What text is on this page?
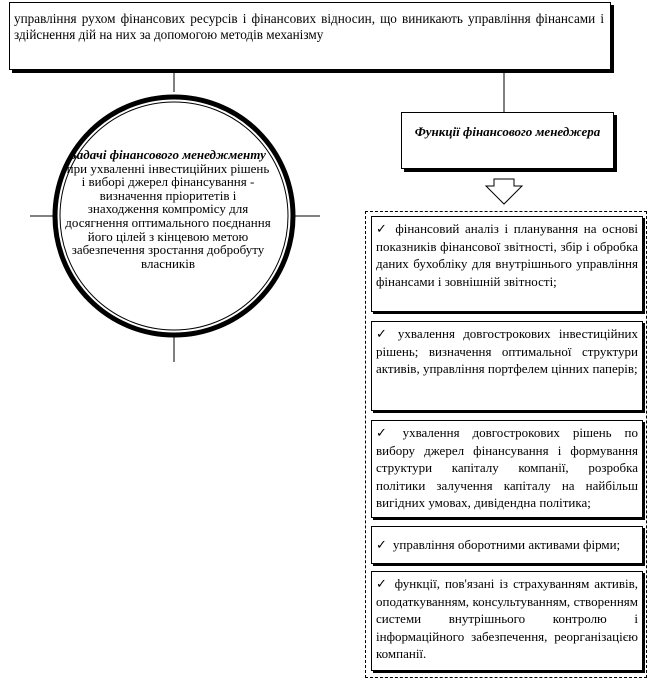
управління рухом фінансових ресурсів і фінансових відносин, що виникають управління фінансами і здійснення дій на них за допомогою методів механізму
Задачі фінансового менеджменту при ухваленні інвестиційних рішень і виборі джерел фінансування - визначення пріоритетів і знаходження компромісу для досягнення оптимального поєднання його цілей з кінцевою метою забезпечення зростання добробуту власників
Функції фінансового менеджера
✓ фінансовий аналіз і планування на основі показників фінансової звітності, збір і обробка даних бухобліку для внутрішнього управління фінансами і зовнішній звітності;
✓ ухвалення довгострокових інвестиційних рішень; визначення оптимальної структури активів, управління портфелем цінних паперів;
✓ ухвалення довгострокових рішень по вибору джерел фінансування і формування структури капіталу компанії, розробка політики залучення капіталу на найбільш вигідних умовах, дивідендна політика;
✓ управління оборотними активами фірми;
✓ функції, пов'язані із страхуванням активів, оподаткуванням, консультуванням, створенням системи внутрішнього контролю і інформаційного забезпечення, реорганізацією компанії.
